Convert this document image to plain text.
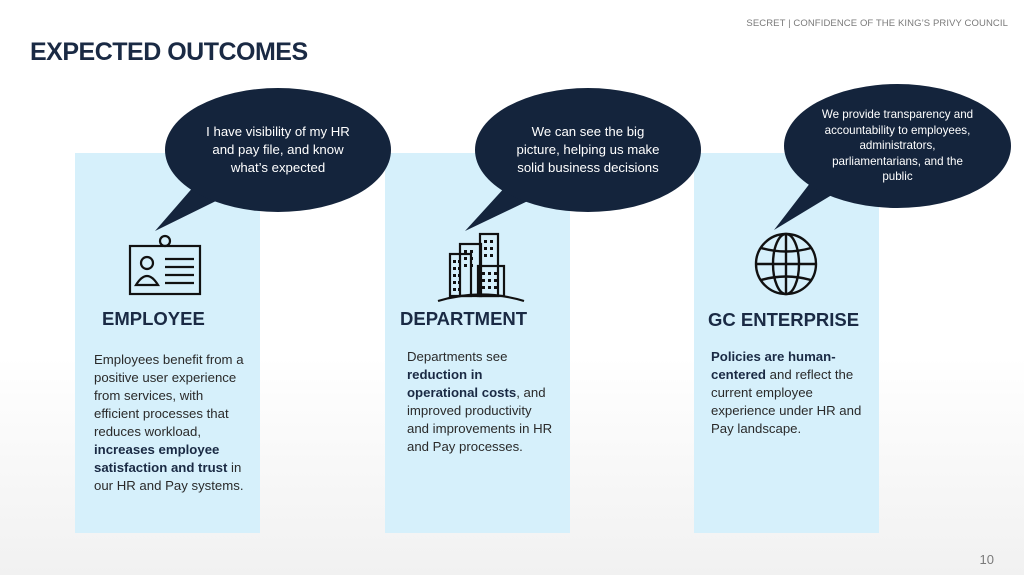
SECRET | CONFIDENCE OF THE KING’S PRIVY COUNCIL
EXPECTED OUTCOMES
I have visibility of my HR and pay file, and know what’s expected
We can see the big picture, helping us make solid business decisions
We provide transparency and accountability to employees, administrators, parliamentarians, and the public
EMPLOYEE	DEPARTMENT	GC ENTERPRISE
Employees benefit from a positive user experience from services, with efficient processes that reduces workload, increases employee satisfaction and trust in our HR and Pay systems.
Departments see reduction in operational costs, and improved productivity and improvements in HR and Pay processes.
Policies are human-centered and reflect the current employee experience under HR and Pay landscape.
10
